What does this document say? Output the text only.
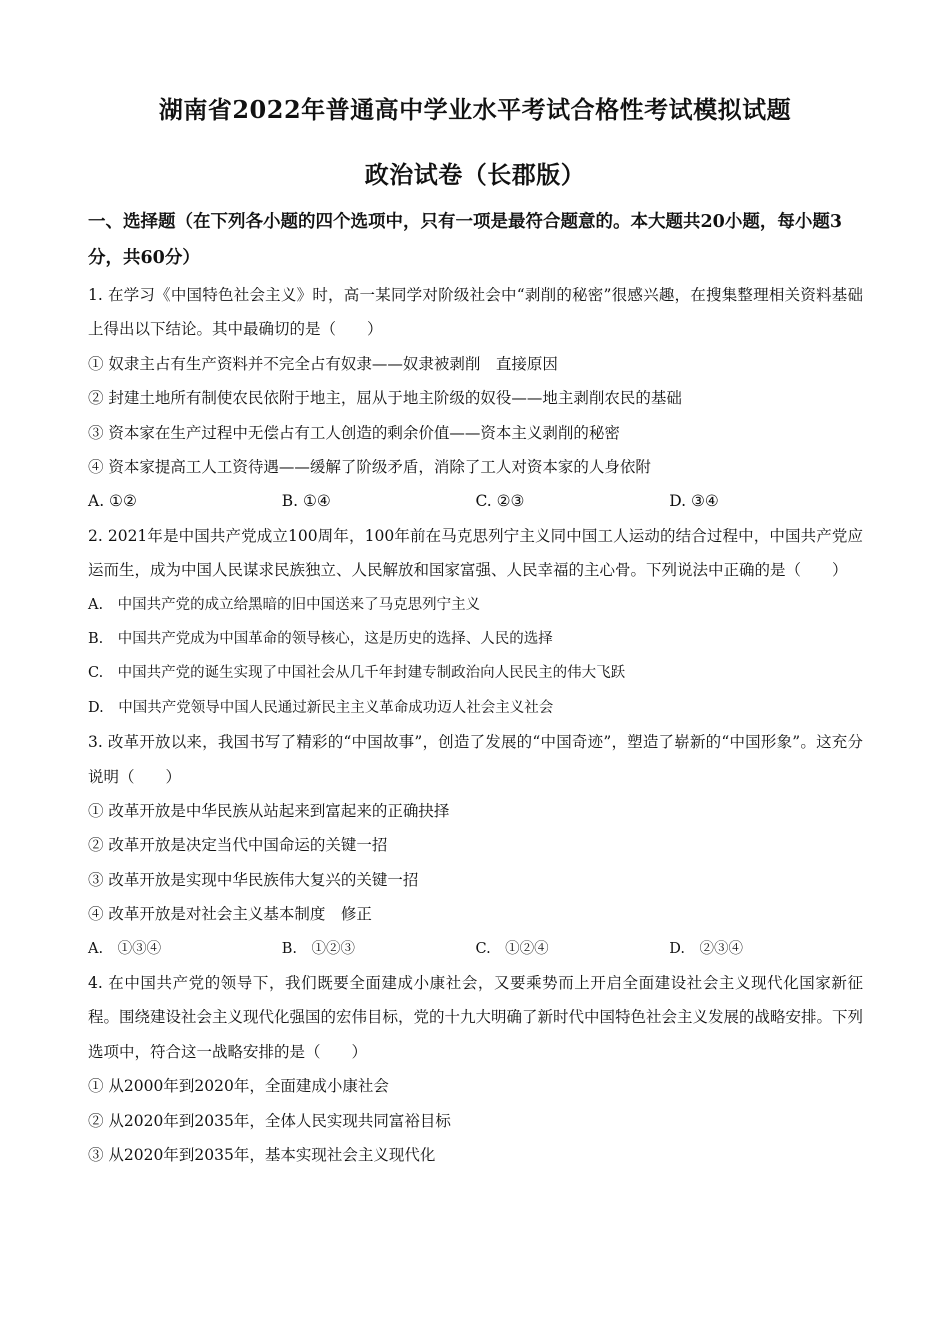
湖南省2022年普通高中学业水平考试合格性考试模拟试题
政治试卷（长郡版）
一、选择题（在下列各小题的四个选项中，只有一项是最符合题意的。本大题共20小题，每小题3分，共60分）
1. 在学习《中国特色社会主义》时，高一某同学对阶级社会中“剥削的秘密”很感兴趣，在搜集整理相关资料基础上得出以下结论。其中最确切的是（　　）
① 奴隶主占有生产资料并不完全占有奴隶——奴隶被剥削　直接原因
② 封建土地所有制使农民依附于地主，屈从于地主阶级的奴役——地主剥削农民的基础
③ 资本家在生产过程中无偿占有工人创造的剩余价值——资本主义剥削的秘密
④ 资本家提高工人工资待遇——缓解了阶级矛盾，消除了工人对资本家的人身依附
A. ①②	B. ①④	C. ②③	D. ③④
2. 2021年是中国共产党成立100周年，100年前在马克思列宁主义同中国工人运动的结合过程中，中国共产党应运而生，成为中国人民谋求民族独立、人民解放和国家富强、人民幸福的主心骨。下列说法中正确的是（　　）
A.　中国共产党的成立给黑暗的旧中国送来了马克思列宁主义
B.　中国共产党成为中国革命的领导核心，这是历史的选择、人民的选择
C.　中国共产党的诞生实现了中国社会从几千年封建专制政治向人民民主的伟大飞跃
D.　中国共产党领导中国人民通过新民主主义革命成功迈人社会主义社会
3. 改革开放以来，我国书写了精彩的“中国故事”，创造了发展的“中国奇迹”，塑造了崭新的“中国形象”。这充分说明（　　）
① 改革开放是中华民族从站起来到富起来的正确抉择
② 改革开放是决定当代中国命运的关键一招
③ 改革开放是实现中华民族伟大复兴的关键一招
④ 改革开放是对社会主义基本制度　修正
A.　①③④	B.　①②③	C.　①②④	D.　②③④
4. 在中国共产党的领导下，我们既要全面建成小康社会，又要乘势而上开启全面建设社会主义现代化国家新征程。围绕建设社会主义现代化强国的宏伟目标，党的十九大明确了新时代中国特色社会主义发展的战略安排。下列选项中，符合这一战略安排的是（　　）
① 从2000年到2020年，全面建成小康社会
② 从2020年到2035年，全体人民实现共同富裕目标
③ 从2020年到2035年，基本实现社会主义现代化
